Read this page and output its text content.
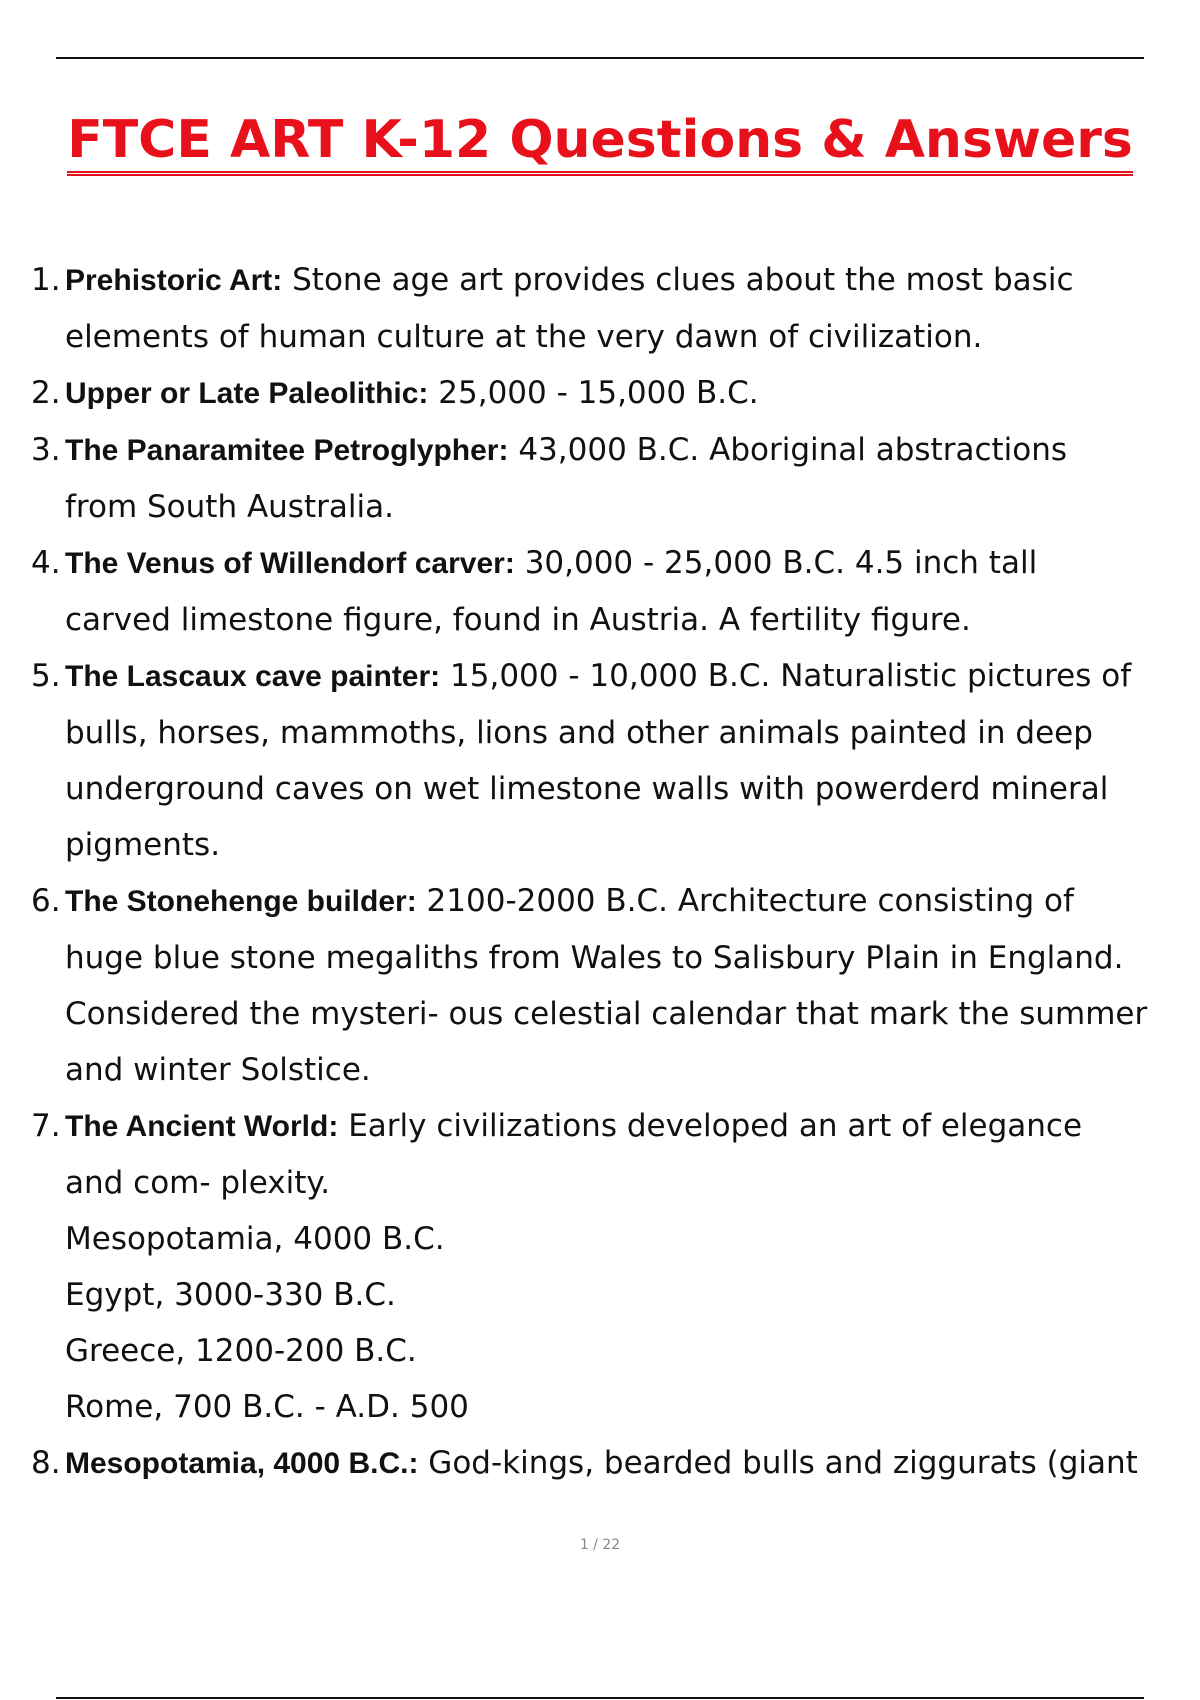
FTCE ART K-12 Questions & Answers
1. Prehistoric Art: Stone age art provides clues about the most basic
elements of human culture at the very dawn of civilization.
2. Upper or Late Paleolithic: 25,000 - 15,000 B.C.
3. The Panaramitee Petroglypher: 43,000 B.C. Aboriginal abstractions
from South Australia.
4. The Venus of Willendorf carver: 30,000 - 25,000 B.C. 4.5 inch tall
carved limestone figure, found in Austria. A fertility figure.
5. The Lascaux cave painter: 15,000 - 10,000 B.C. Naturalistic pictures of
bulls, horses, mammoths, lions and other animals painted in deep
underground caves on wet limestone walls with powerderd mineral
pigments.
6. The Stonehenge builder: 2100-2000 B.C. Architecture consisting of
huge blue stone megaliths from Wales to Salisbury Plain in England.
Considered the mysteri- ous celestial calendar that mark the summer
and winter Solstice.
7. The Ancient World: Early civilizations developed an art of elegance
and com- plexity.
Mesopotamia, 4000 B.C.
Egypt, 3000-330 B.C.
Greece, 1200-200 B.C.
Rome, 700 B.C. - A.D. 500
8. Mesopotamia, 4000 B.C.: God-kings, bearded bulls and ziggurats (giant
1 / 22
